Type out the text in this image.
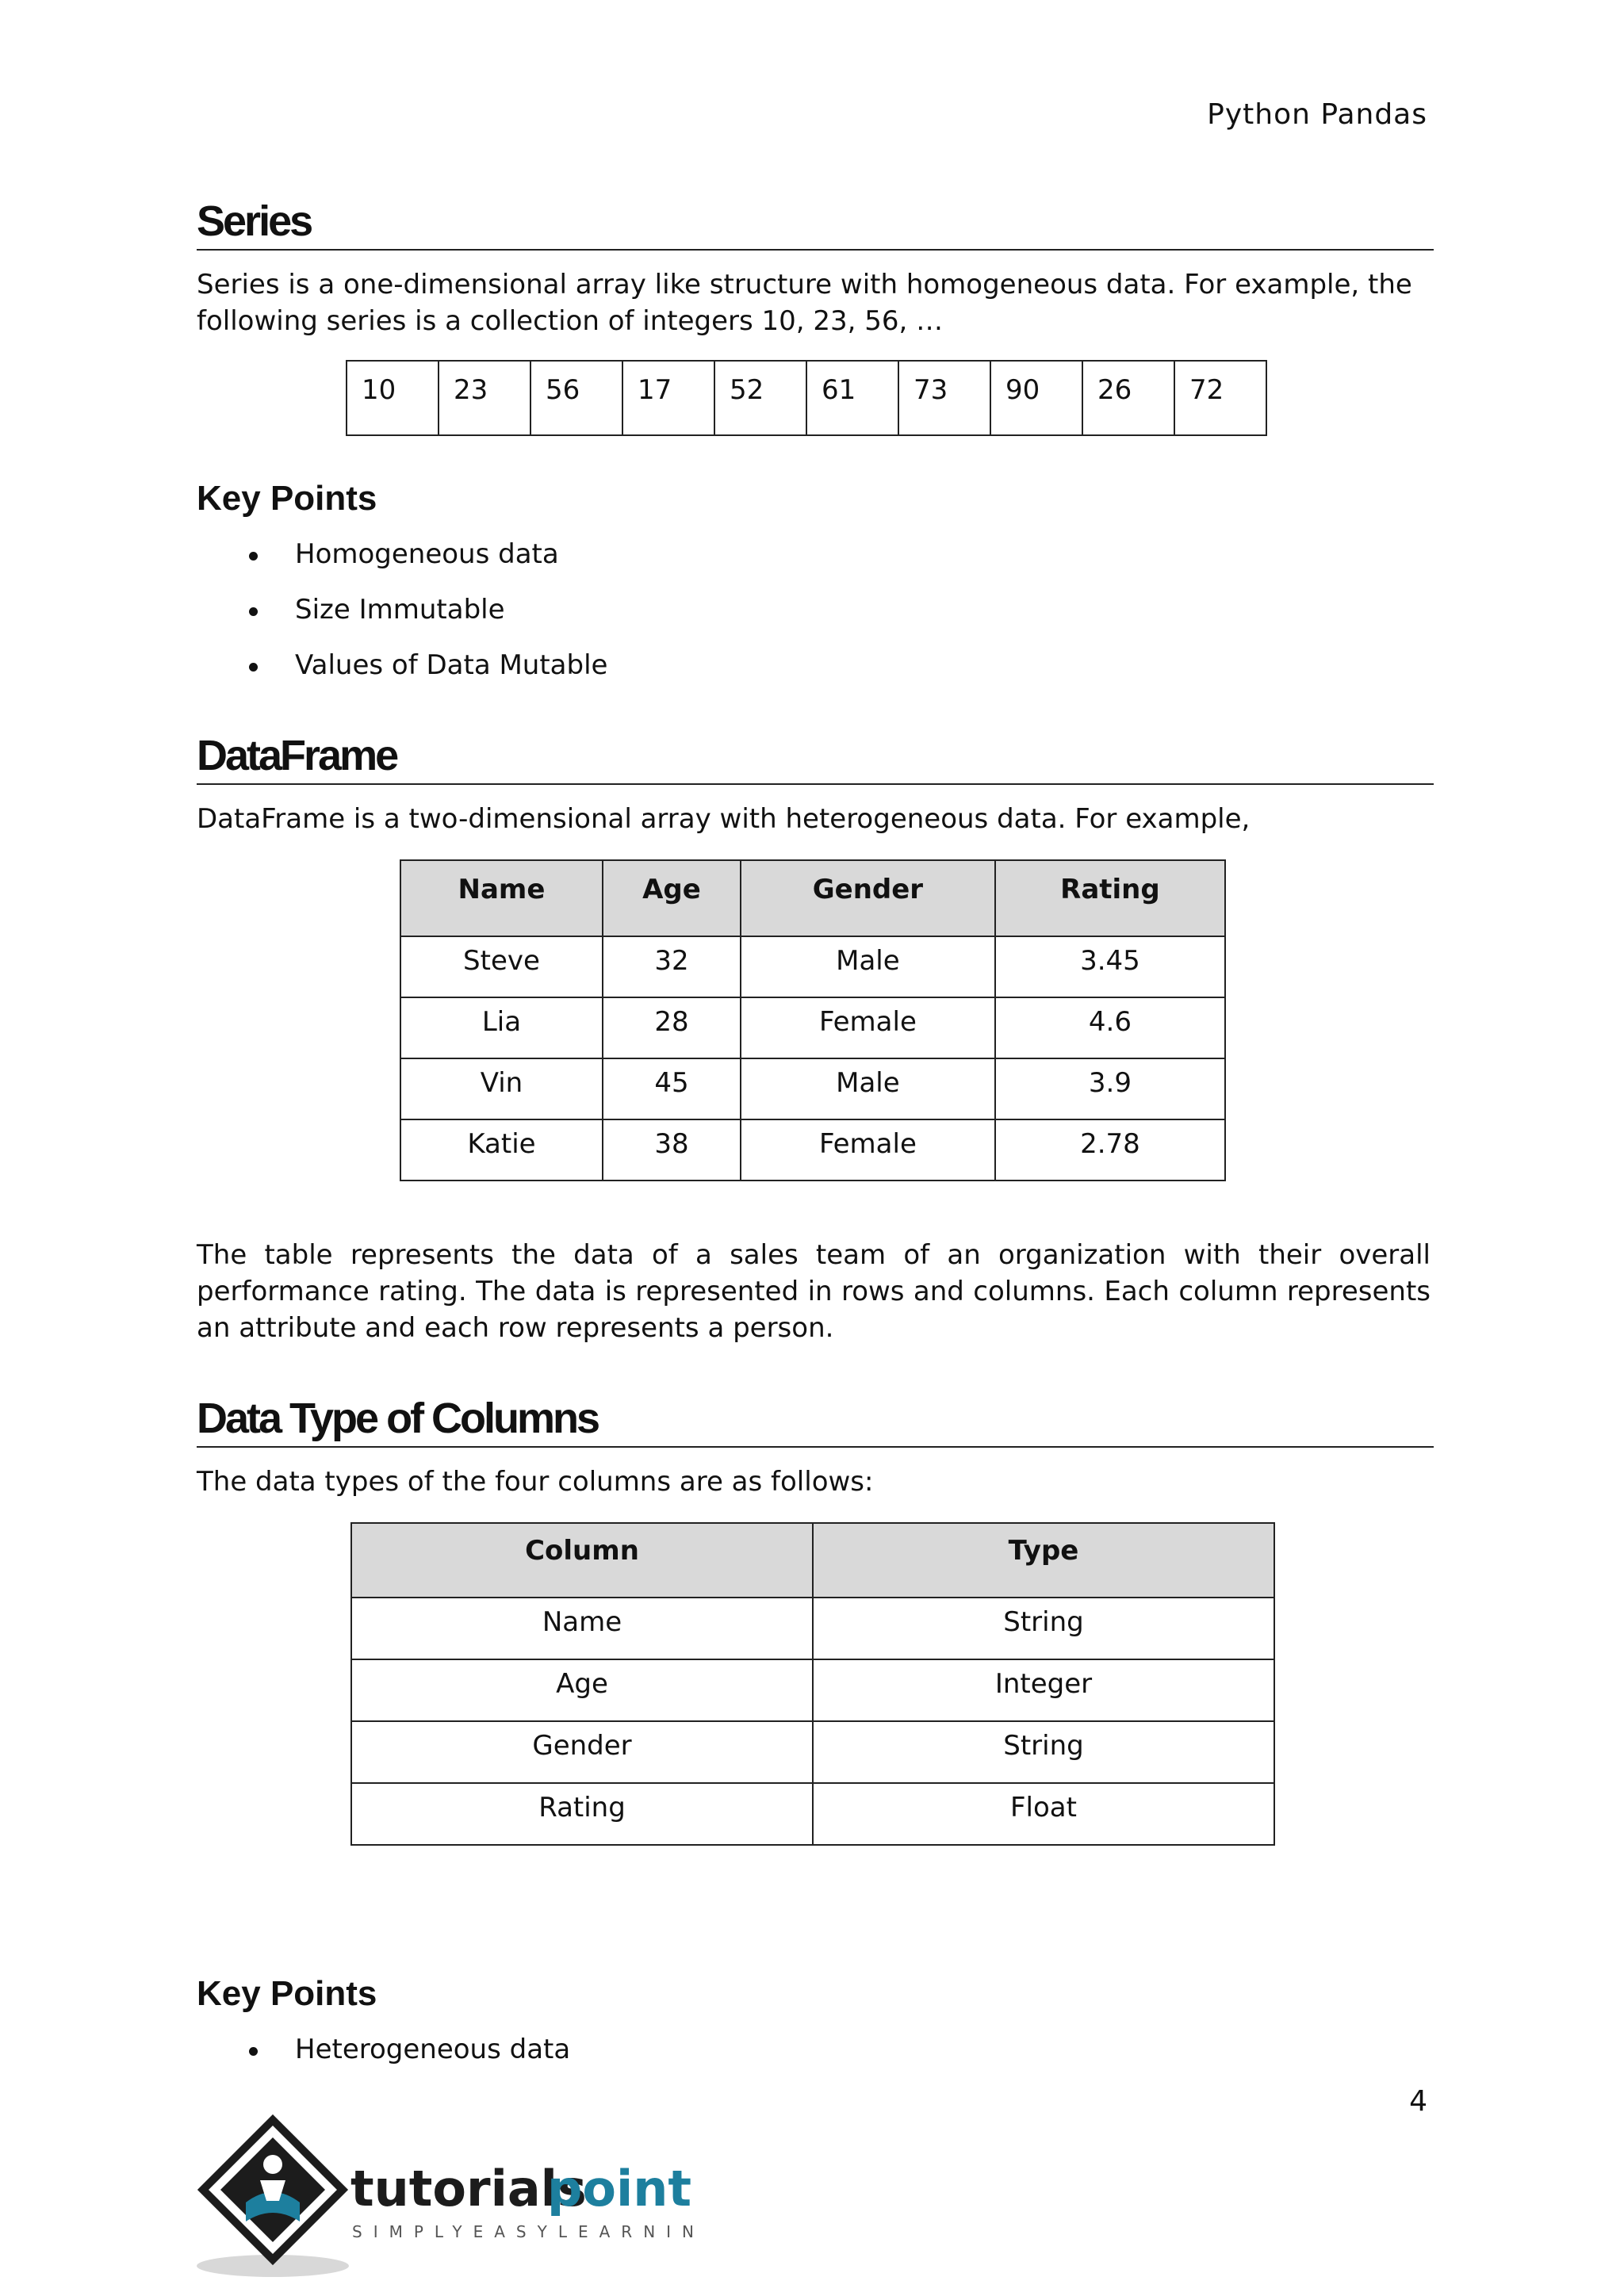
Python Pandas
Series
Series is a one-dimensional array like structure with homogeneous data. For example, the
following series is a collection of integers 10, 23, 56, …
10	23	56	17	52	61	73	90	26	72
Key Points
Homogeneous data
Size Immutable
Values of Data Mutable
DataFrame
DataFrame is a two-dimensional array with heterogeneous data. For example,
Name	Age	Gender	Rating
Steve	32	Male	3.45
Lia	28	Female	4.6
Vin	45	Male	3.9
Katie	38	Female	2.78
The table represents the data of a sales team of an organization with their overall performance rating. The data is represented in rows and columns. Each column represents an attribute and each row represents a person.
Data Type of Columns
The data types of the four columns are as follows:
Column	Type
Name	String
Age	Integer
Gender	String
Rating	Float
Key Points
Heterogeneous data
4
tutorials
point
SIMPLYEASYLEARNING
